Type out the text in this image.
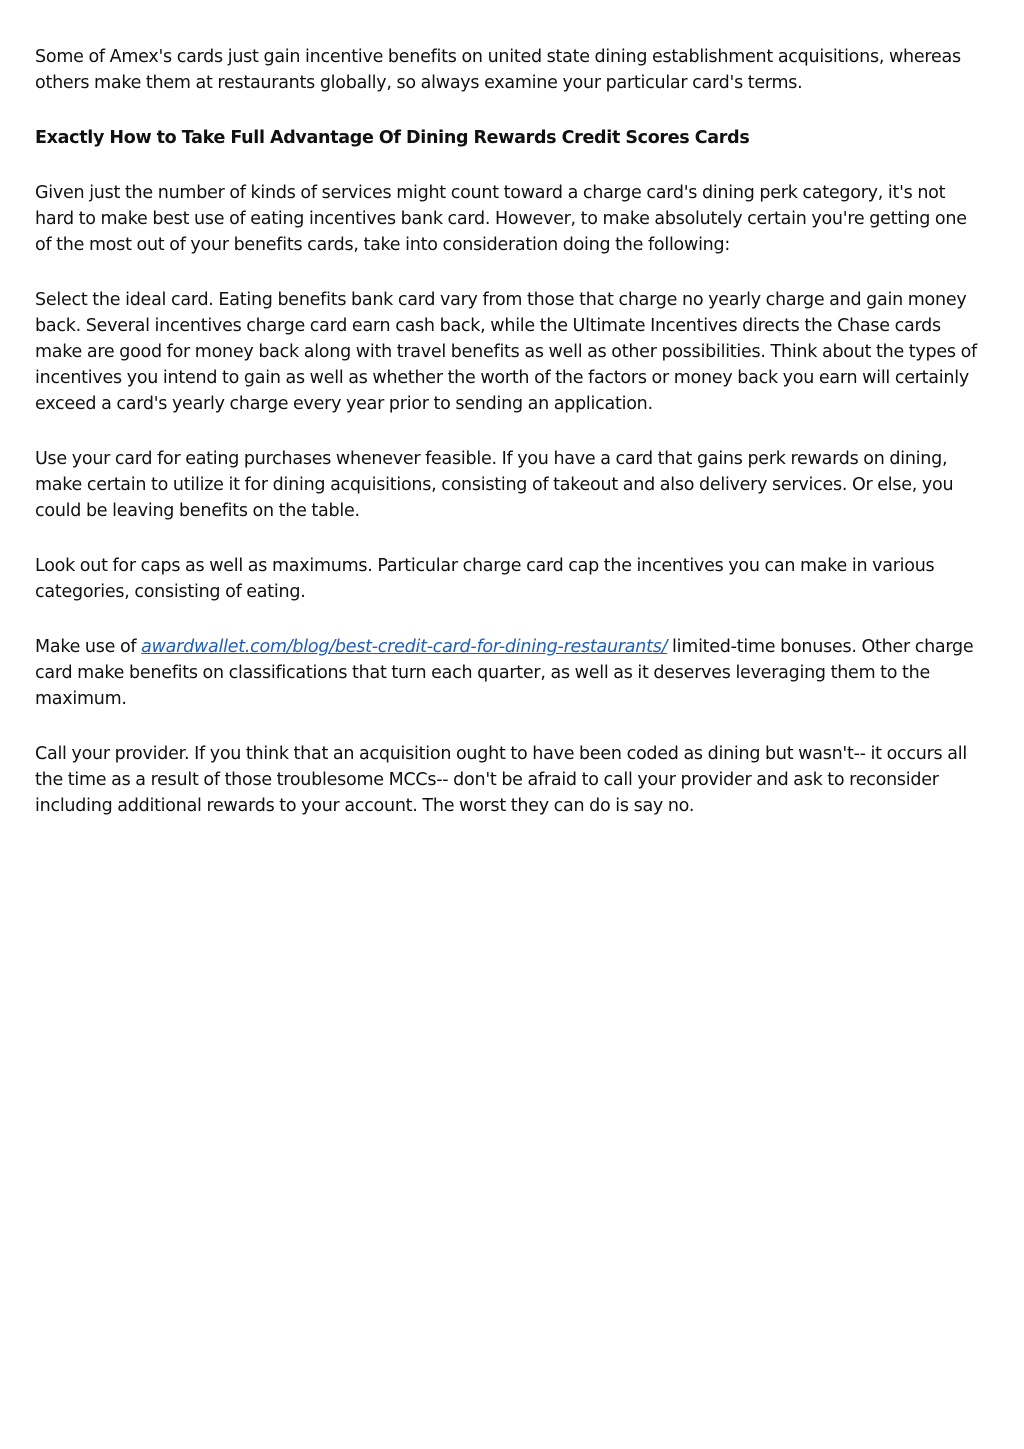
Some of Amex's cards just gain incentive benefits on united state dining establishment acquisitions, whereas others make them at restaurants globally, so always examine your particular card's terms.

Exactly How to Take Full Advantage Of Dining Rewards Credit Scores Cards

Given just the number of kinds of services might count toward a charge card's dining perk category, it's not hard to make best use of eating incentives bank card. However, to make absolutely certain you're getting one of the most out of your benefits cards, take into consideration doing the following:

Select the ideal card. Eating benefits bank card vary from those that charge no yearly charge and gain money back. Several incentives charge card earn cash back, while the Ultimate Incentives directs the Chase cards make are good for money back along with travel benefits as well as other possibilities. Think about the types of incentives you intend to gain as well as whether the worth of the factors or money back you earn will certainly exceed a card's yearly charge every year prior to sending an application.

Use your card for eating purchases whenever feasible. If you have a card that gains perk rewards on dining, make certain to utilize it for dining acquisitions, consisting of takeout and also delivery services. Or else, you could be leaving benefits on the table.

Look out for caps as well as maximums. Particular charge card cap the incentives you can make in various categories, consisting of eating.

Make use of awardwallet.com/blog/best-credit-card-for-dining-restaurants/ limited-time bonuses. Other charge card make benefits on classifications that turn each quarter, as well as it deserves leveraging them to the maximum.

Call your provider. If you think that an acquisition ought to have been coded as dining but wasn't-- it occurs all the time as a result of those troublesome MCCs-- don't be afraid to call your provider and ask to reconsider including additional rewards to your account. The worst they can do is say no.
